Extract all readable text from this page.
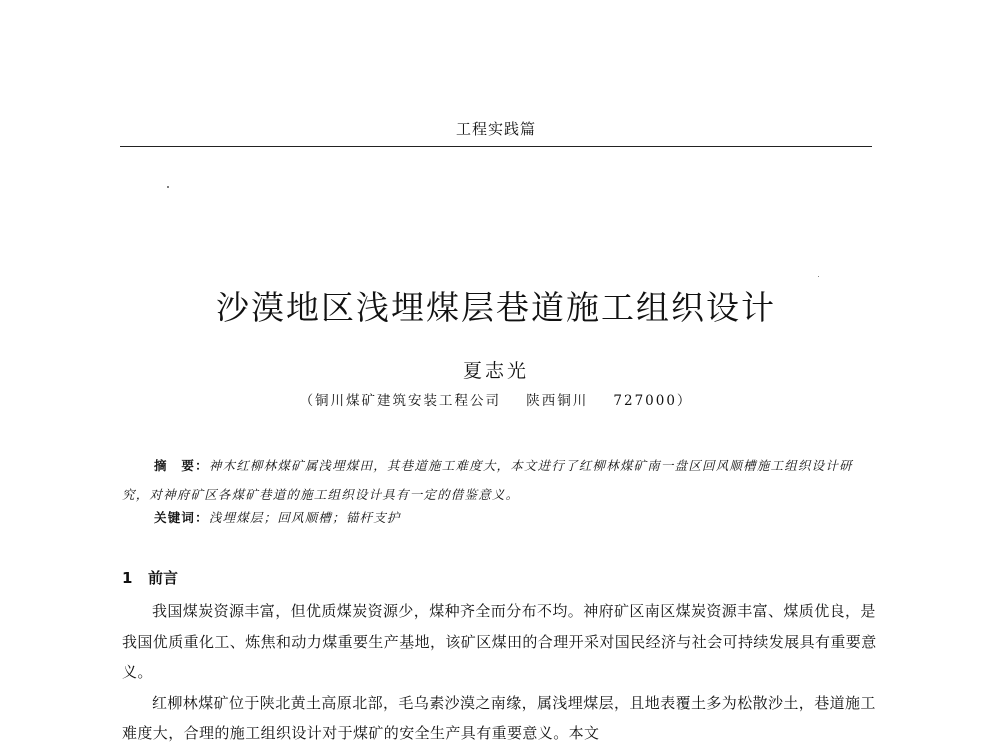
工程实践篇
沙漠地区浅埋煤层巷道施工组织设计
夏志光
（铜川煤矿建筑安装工程公司    陕西铜川    727000）
摘　要：神木红柳林煤矿属浅埋煤田，其巷道施工难度大，本文进行了红柳林煤矿南一盘区回风顺槽施工组织设计研究，对神府矿区各煤矿巷道的施工组织设计具有一定的借鉴意义。
关键词：浅埋煤层；回风顺槽；锚杆支护
1 前言

我国煤炭资源丰富，但优质煤炭资源少，煤种齐全而分布不均。神府矿区南区煤炭资源丰富、煤质优良，是我国优质重化工、炼焦和动力煤重要生产基地，该矿区煤田的合理开采对国民经济与社会可持续发展具有重要意义。

红柳林煤矿位于陕北黄土高原北部，毛乌素沙漠之南缘，属浅埋煤层，且地表覆土多为松散沙土，巷道施工难度大，合理的施工组织设计对于煤矿的安全生产具有重要意义。本文
